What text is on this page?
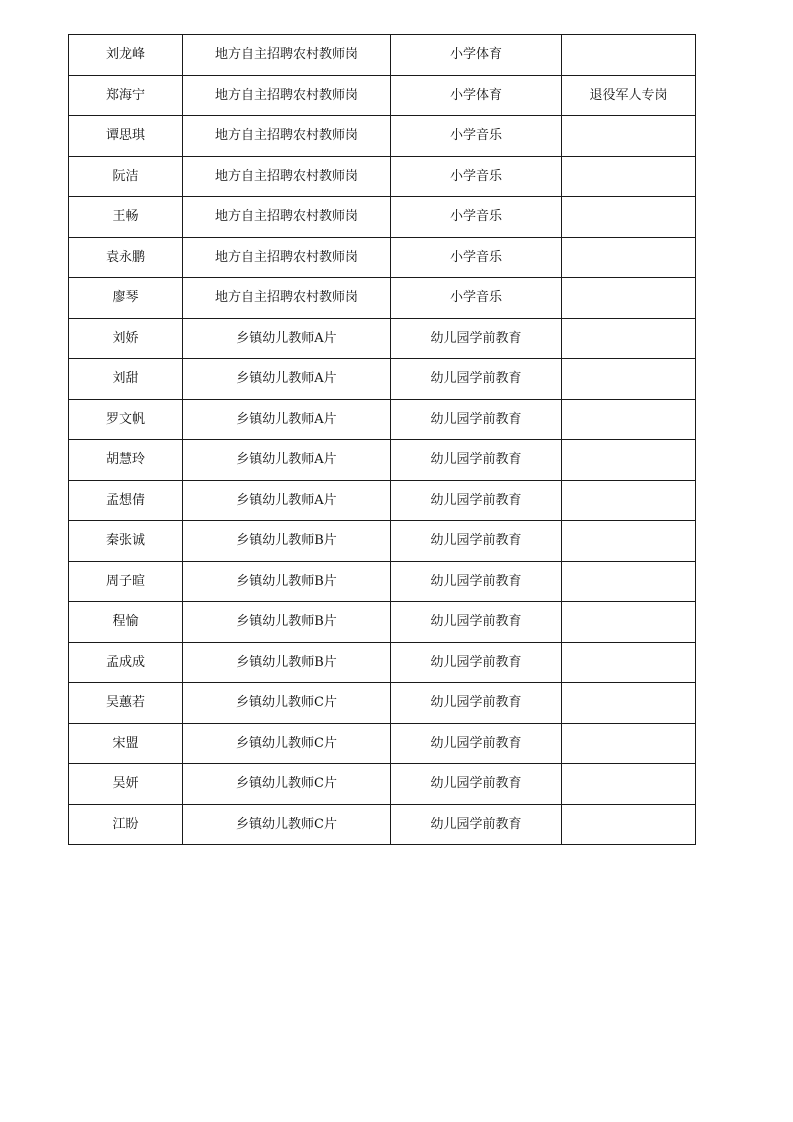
刘龙峰	地方自主招聘农村教师岗	小学体育	
郑海宁	地方自主招聘农村教师岗	小学体育	退役军人专岗
谭思琪	地方自主招聘农村教师岗	小学音乐	
阮洁	地方自主招聘农村教师岗	小学音乐	
王畅	地方自主招聘农村教师岗	小学音乐	
袁永鹏	地方自主招聘农村教师岗	小学音乐	
廖琴	地方自主招聘农村教师岗	小学音乐	
刘娇	乡镇幼儿教师A片	幼儿园学前教育	
刘甜	乡镇幼儿教师A片	幼儿园学前教育	
罗文帆	乡镇幼儿教师A片	幼儿园学前教育	
胡慧玲	乡镇幼儿教师A片	幼儿园学前教育	
孟想倩	乡镇幼儿教师A片	幼儿园学前教育	
秦张诚	乡镇幼儿教师B片	幼儿园学前教育	
周子暄	乡镇幼儿教师B片	幼儿园学前教育	
程愉	乡镇幼儿教师B片	幼儿园学前教育	
孟成成	乡镇幼儿教师B片	幼儿园学前教育	
吴蕙若	乡镇幼儿教师C片	幼儿园学前教育	
宋盟	乡镇幼儿教师C片	幼儿园学前教育	
吴妍	乡镇幼儿教师C片	幼儿园学前教育	
江盼	乡镇幼儿教师C片	幼儿园学前教育	
